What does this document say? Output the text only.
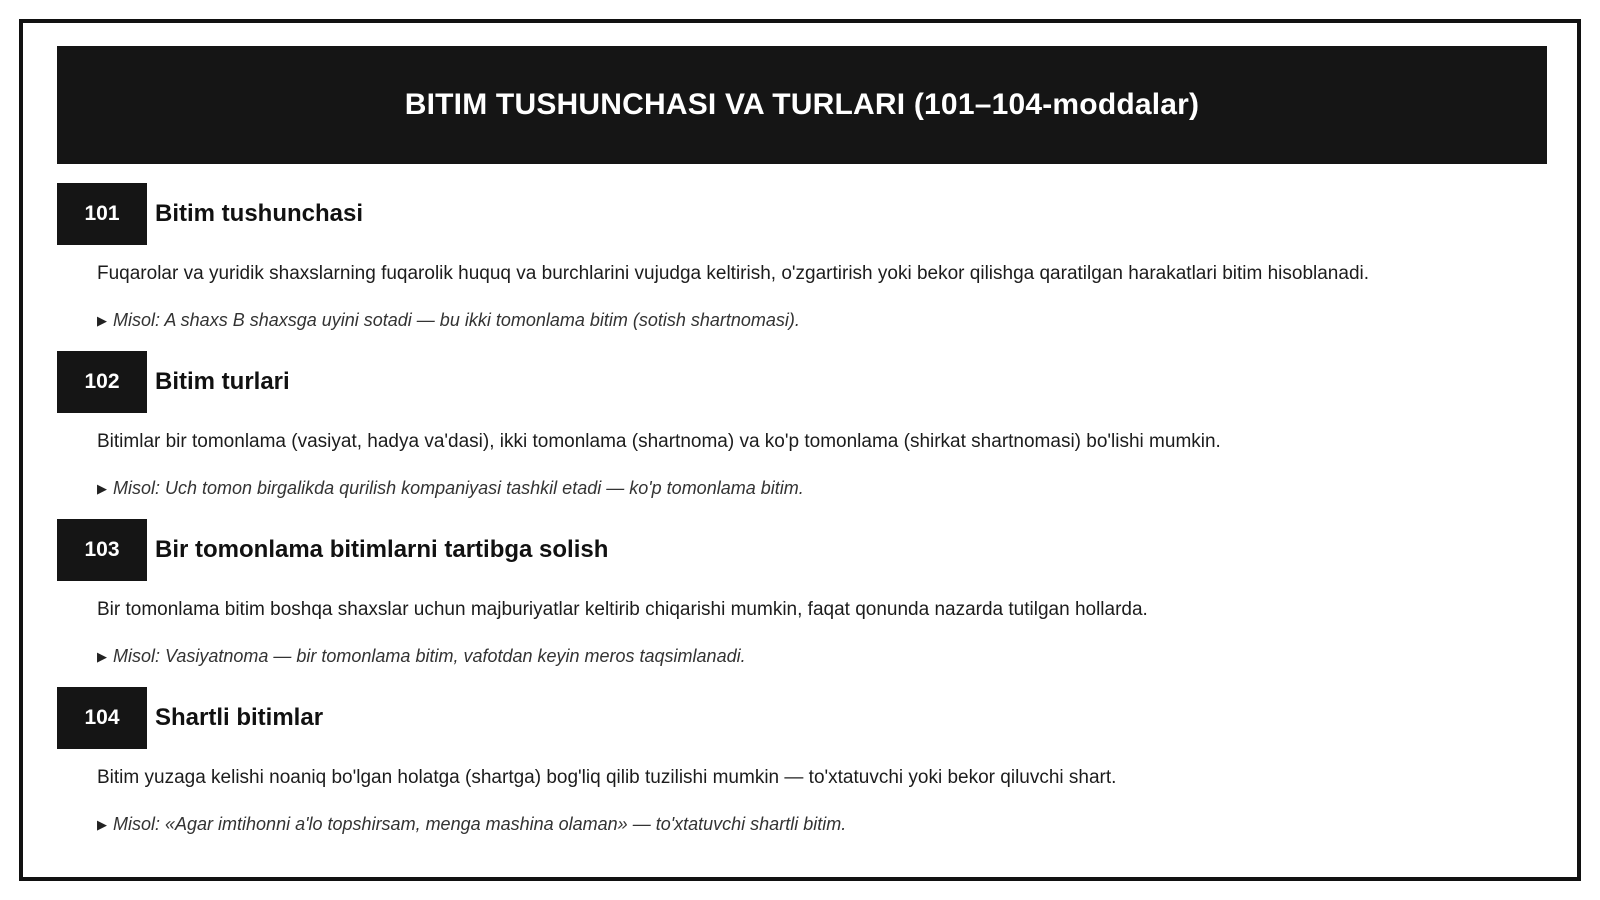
BITIM TUSHUNCHASI VA TURLARI (101–104-moddalar)
101	Bitim tushunchasi
Fuqarolar va yuridik shaxslarning fuqarolik huquq va burchlarini vujudga keltirish, o'zgartirish yoki bekor qilishga qaratilgan harakatlari bitim hisoblanadi.
▶ Misol: A shaxs B shaxsga uyini sotadi — bu ikki tomonlama bitim (sotish shartnomasi).
102	Bitim turlari
Bitimlar bir tomonlama (vasiyat, hadya va'dasi), ikki tomonlama (shartnoma) va ko'p tomonlama (shirkat shartnomasi) bo'lishi mumkin.
▶ Misol: Uch tomon birgalikda qurilish kompaniyasi tashkil etadi — ko'p tomonlama bitim.
103	Bir tomonlama bitimlarni tartibga solish
Bir tomonlama bitim boshqa shaxslar uchun majburiyatlar keltirib chiqarishi mumkin, faqat qonunda nazarda tutilgan hollarda.
▶ Misol: Vasiyatnoma — bir tomonlama bitim, vafotdan keyin meros taqsimlanadi.
104	Shartli bitimlar
Bitim yuzaga kelishi noaniq bo'lgan holatga (shartga) bog'liq qilib tuzilishi mumkin — to'xtatuvchi yoki bekor qiluvchi shart.
▶ Misol: «Agar imtihonni a'lo topshirsam, menga mashina olaman» — to'xtatuvchi shartli bitim.
